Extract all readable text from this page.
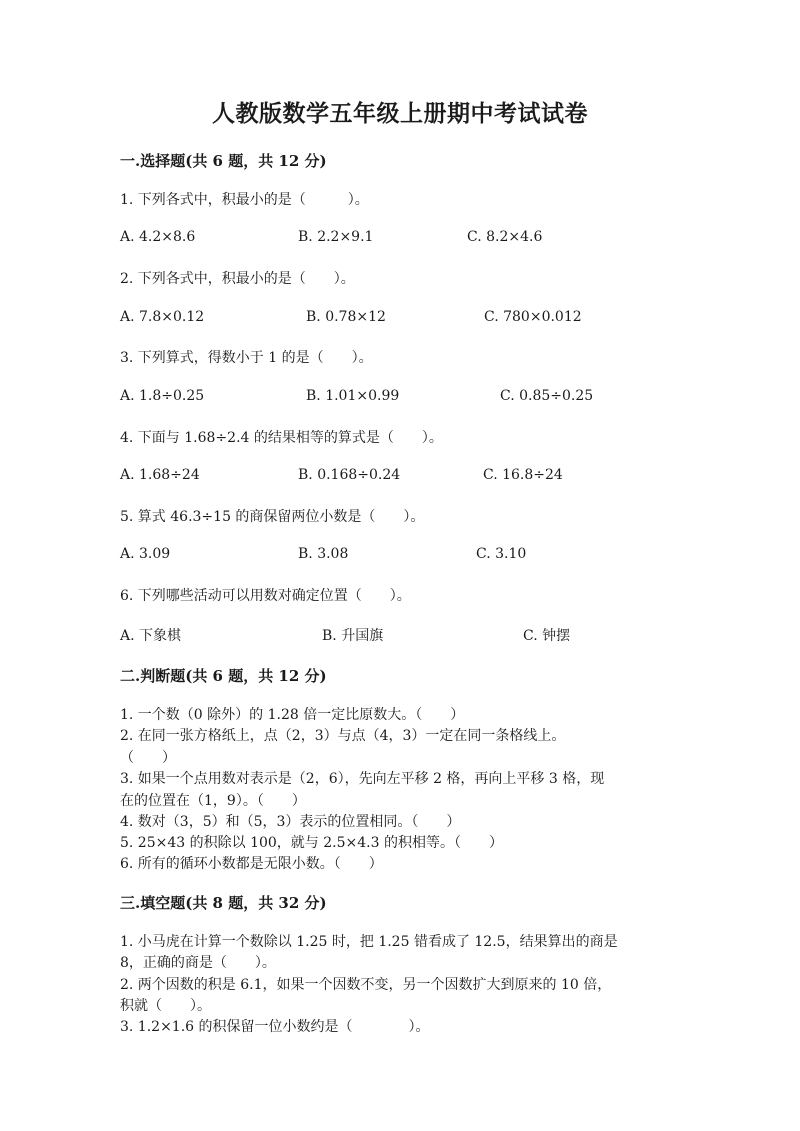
人教版数学五年级上册期中考试试卷
一.选择题(共 6 题，共 12 分)
1. 下列各式中，积最小的是（　　　）。
A. 4.2×8.6	B. 2.2×9.1	C. 8.2×4.6
2. 下列各式中，积最小的是（　　）。
A. 7.8×0.12	B. 0.78×12	C. 780×0.012
3. 下列算式，得数小于 1 的是（　　）。
A. 1.8÷0.25	B. 1.01×0.99	C. 0.85÷0.25
4. 下面与 1.68÷2.4 的结果相等的算式是（　　）。
A. 1.68÷24	B. 0.168÷0.24	C. 16.8÷24
5. 算式 46.3÷15 的商保留两位小数是（　　）。
A. 3.09	B. 3.08	C. 3.10
6. 下列哪些活动可以用数对确定位置（　　）。
A. 下象棋	B. 升国旗	C. 钟摆
二.判断题(共 6 题，共 12 分)
1. 一个数（0 除外）的 1.28 倍一定比原数大。（　　）
2. 在同一张方格纸上，点（2，3）与点（4，3）一定在同一条格线上。
（　　）
3. 如果一个点用数对表示是（2，6），先向左平移 2 格，再向上平移 3 格，现
在的位置在（1，9）。（　　）
4. 数对（3，5）和（5，3）表示的位置相同。（　　）
5. 25×43 的积除以 100，就与 2.5×4.3 的积相等。（　　）
6. 所有的循环小数都是无限小数。（　　）
三.填空题(共 8 题，共 32 分)
1. 小马虎在计算一个数除以 1.25 时，把 1.25 错看成了 12.5，结果算出的商是
8，正确的商是（　　）。
2. 两个因数的积是 6.1，如果一个因数不变，另一个因数扩大到原来的 10 倍，
积就（　　）。
3. 1.2×1.6 的积保留一位小数约是（　　　　）。
